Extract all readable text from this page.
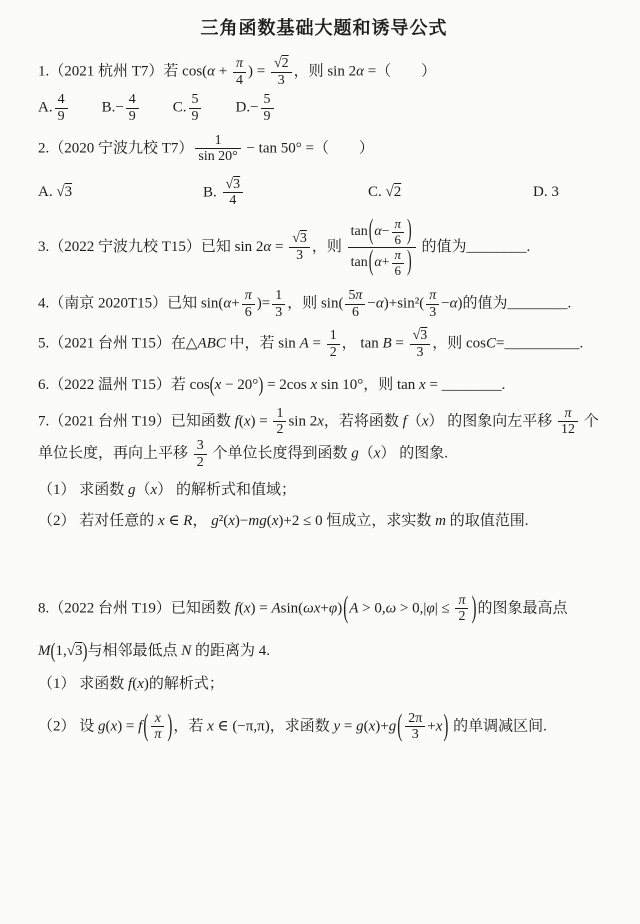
三角函数基础大题和诱导公式
1.（2021 杭州 T7）若 $\cos(\alpha + \frac{\pi}{4}$ ) = $\frac{√2}{3}$ ，则 sin 2α =（　　）
A. $\frac{4}{9} B.- \frac{4}{9} C$. $\frac{5}{9} D.- \frac{5}{9}$
2.（2020 宁波九校 $T7) \frac{1}{\sin 20^\circ} - \tan 50^\circ$ =（　　）
A. √3	B. $\frac{√3}{4}$	C. √2	D. 3
3.（2022 宁波九校 T15）已知 $\sin 2\alpha = \frac{√3}{3}$ ，则 $\frac{\tan(\alpha- \frac{\pi}{6} )}{\tan(\alpha+ \frac{\pi}{6} )}$ 的值为________.
4.（南京 2020T15）已知 $\sin(\alpha+ \frac{\pi}{6}$ )= $\frac{1}{3}$ ，则 $\sin( \frac{5\pi}{6} -\alpha)+\sin^2( \frac{\pi}{3} -\alpha)$的值为________.
5.（2021 台州 T15）在△ABC 中，若 $\sin A = \frac{1}{2}$ ， $\tan B = \frac{√3}{3}$ ，则 cosC=__________.
6.（2022 温州 T15）若 cos(x − 20°) = 2cos x sin 10°，则 tan x = ________.
7.（2021 台州 T19）已知函数 $f(x) = \frac{1}{2}$ sin 2x，若将函数 f（x） 的图象向左平移 $\frac{\pi}{12}$ 个单位长度，再向上平移 $\frac{3}{2}$ 个单位长度得到函数 g（x） 的图象.
（1） 求函数 g（x） 的解析式和值域；
（2） 若对任意的 x ∈ R， g²(x)−mg(x)+2 ≤ 0 恒成立，求实数 m 的取值范围.
8.（2022 台州 T19）已知函数 $f(x) = Asin(\omega x+\varphi)(A > 0,\omega > 0,|\varphi| \le \frac{\pi}{2}$ )的图象最高点
M(1,√3)与相邻最低点 N 的距离为 4.
（1） 求函数 f(x)的解析式；
（2） 设 $g(x) = f( \frac{x}{\pi}$ )，若 x ∈ (−π,π)，求函数 $y = g(x)+g( \frac{2\pi}{3} +x)$ 的单调减区间.
